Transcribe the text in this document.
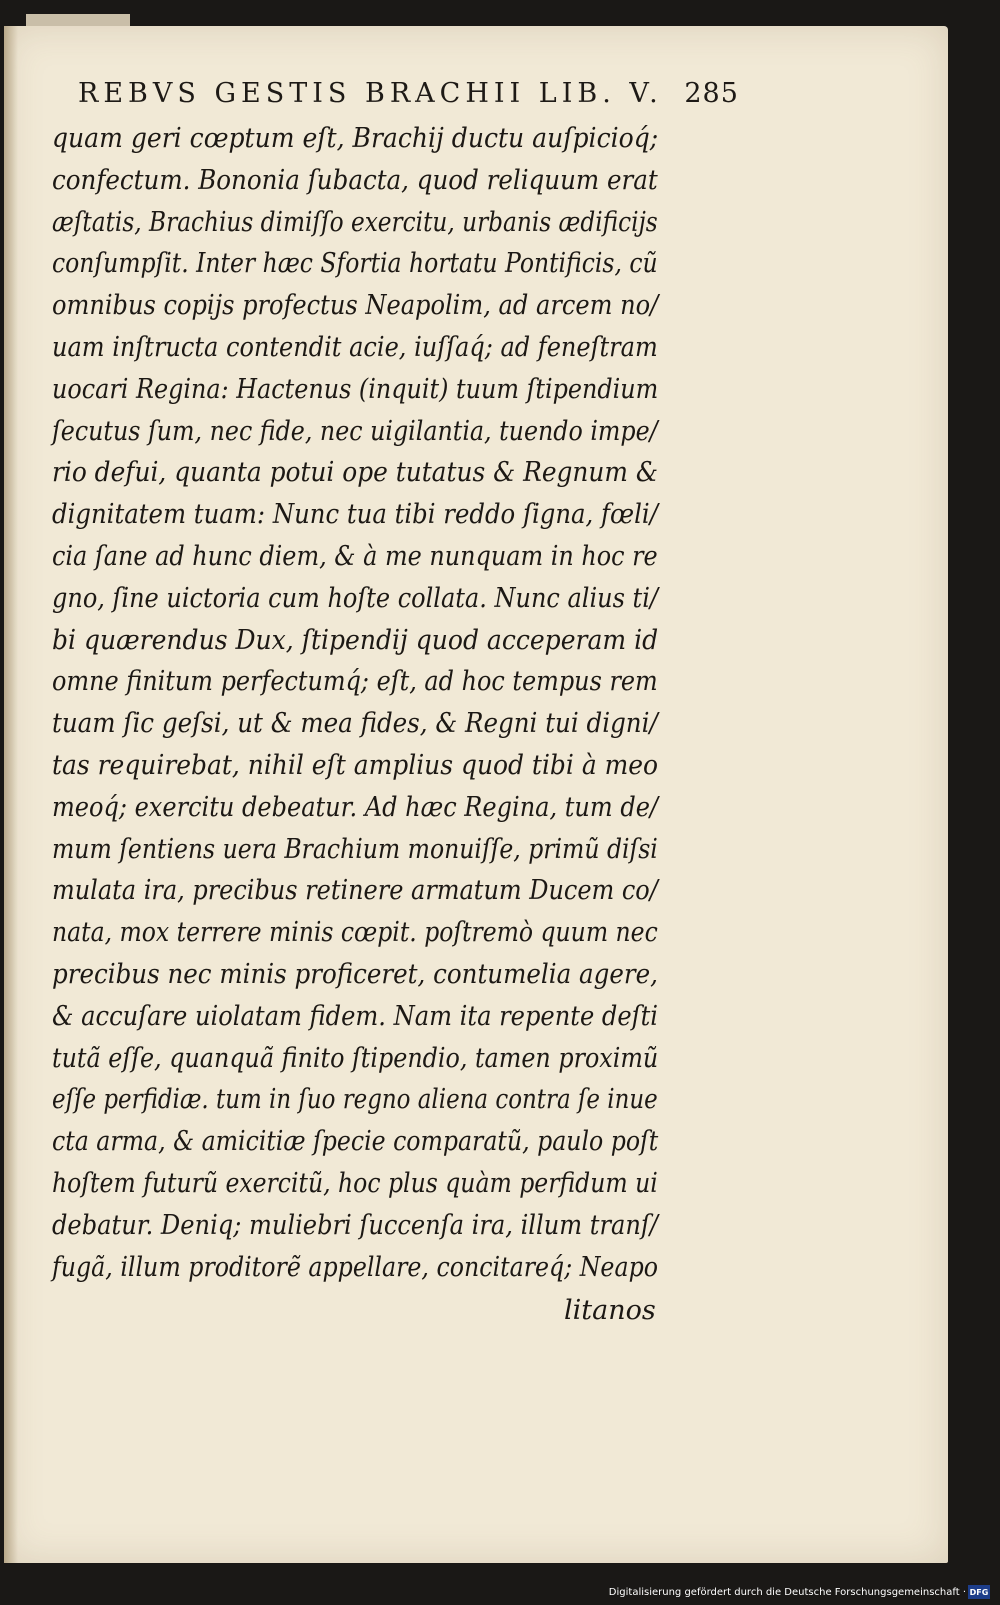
REBVS GESTIS BRACHII LIB. V. 285
quam geri cœptum eſt, Brachij ductu auſpicioq́;
confectum. Bononia ſubacta, quod reliquum erat
æſtatis, Brachius dimiſſo exercitu, urbanis ædificijs
conſumpſit. Inter hæc Sfortia hortatu Pontificis, cũ
omnibus copijs profectus Neapolim, ad arcem no/
uam inſtructa contendit acie, iuſſaq́; ad feneſtram
uocari Regina: Hactenus (inquit) tuum ſtipendium
ſecutus ſum, nec fide, nec uigilantia, tuendo impe/
rio defui, quanta potui ope tutatus & Regnum &
dignitatem tuam: Nunc tua tibi reddo ſigna, fœli/
cia ſane ad hunc diem, & à me nunquam in hoc re
gno, ſine uictoria cum hoſte collata. Nunc alius ti/
bi quærendus Dux, ſtipendij quod acceperam id
omne finitum perfectumq́; eſt, ad hoc tempus rem
tuam ſic geſsi, ut & mea fides, & Regni tui digni/
tas requirebat, nihil eſt amplius quod tibi à meo
meoq́; exercitu debeatur. Ad hæc Regina, tum de/
mum ſentiens uera Brachium monuiſſe, primũ diſsi
mulata ira, precibus retinere armatum Ducem co/
nata, mox terrere minis cœpit. poſtremò quum nec
precibus nec minis proficeret, contumelia agere,
& accuſare uiolatam fidem. Nam ita repente deſti
tutã eſſe, quanquã finito ſtipendio, tamen proximũ
eſſe perfidiæ. tum in ſuo regno aliena contra ſe inue
cta arma, & amicitiæ ſpecie comparatũ, paulo poſt
hoſtem futurũ exercitũ, hoc plus quàm perfidum ui
debatur. Deniq; muliebri ſuccenſa ira, illum tranſ/
fugã, illum proditorẽ appellare, concitareq́; Neapo
litanos
Digitalisierung gefördert durch die Deutsche Forschungsgemeinschaft · DFG
